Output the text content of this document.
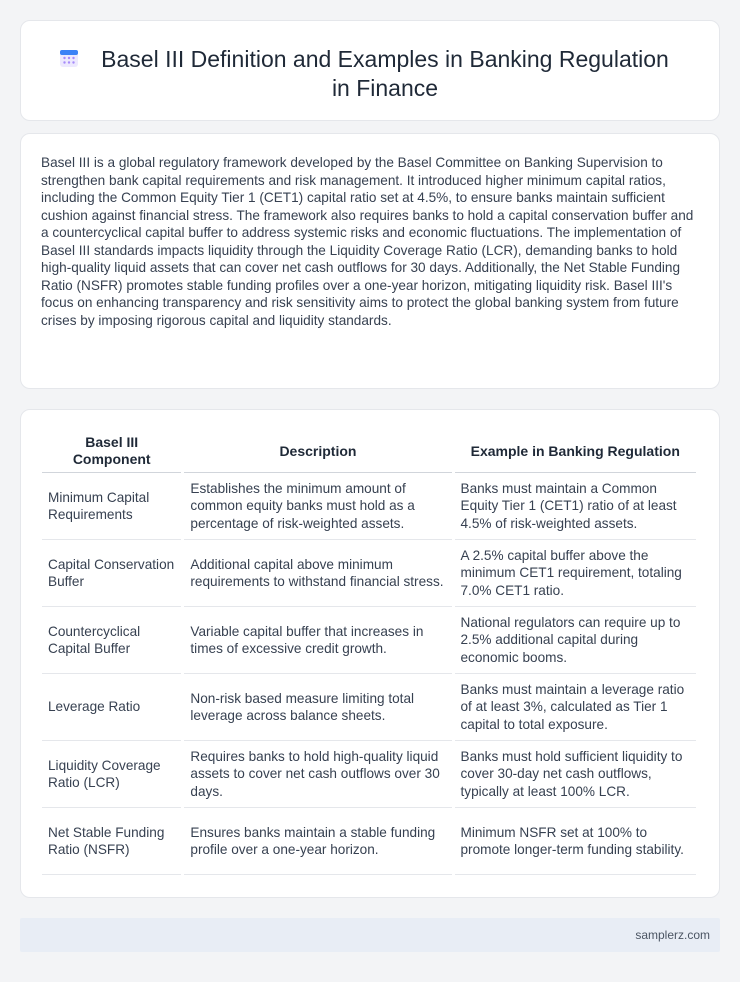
Basel III Definition and Examples in Banking Regulation in Finance

Basel III is a global regulatory framework developed by the Basel Committee on Banking Supervision to strengthen bank capital requirements and risk management. It introduced higher minimum capital ratios, including the Common Equity Tier 1 (CET1) capital ratio set at 4.5%, to ensure banks maintain sufficient cushion against financial stress. The framework also requires banks to hold a capital conservation buffer and a countercyclical capital buffer to address systemic risks and economic fluctuations. The implementation of Basel III standards impacts liquidity through the Liquidity Coverage Ratio (LCR), demanding banks to hold high-quality liquid assets that can cover net cash outflows for 30 days. Additionally, the Net Stable Funding Ratio (NSFR) promotes stable funding profiles over a one-year horizon, mitigating liquidity risk. Basel III's focus on enhancing transparency and risk sensitivity aims to protect the global banking system from future crises by imposing rigorous capital and liquidity standards.

Basel III Component	Description	Example in Banking Regulation
Minimum Capital Requirements	Establishes the minimum amount of common equity banks must hold as a percentage of risk-weighted assets.	Banks must maintain a Common Equity Tier 1 (CET1) ratio of at least 4.5% of risk-weighted assets.
Capital Conservation Buffer	Additional capital above minimum requirements to withstand financial stress.	A 2.5% capital buffer above the minimum CET1 requirement, totaling 7.0% CET1 ratio.
Countercyclical Capital Buffer	Variable capital buffer that increases in times of excessive credit growth.	National regulators can require up to 2.5% additional capital during economic booms.
Leverage Ratio	Non-risk based measure limiting total leverage across balance sheets.	Banks must maintain a leverage ratio of at least 3%, calculated as Tier 1 capital to total exposure.
Liquidity Coverage Ratio (LCR)	Requires banks to hold high-quality liquid assets to cover net cash outflows over 30 days.	Banks must hold sufficient liquidity to cover 30-day net cash outflows, typically at least 100% LCR.
Net Stable Funding Ratio (NSFR)	Ensures banks maintain a stable funding profile over a one-year horizon.	Minimum NSFR set at 100% to promote longer-term funding stability.
samplerz.com
